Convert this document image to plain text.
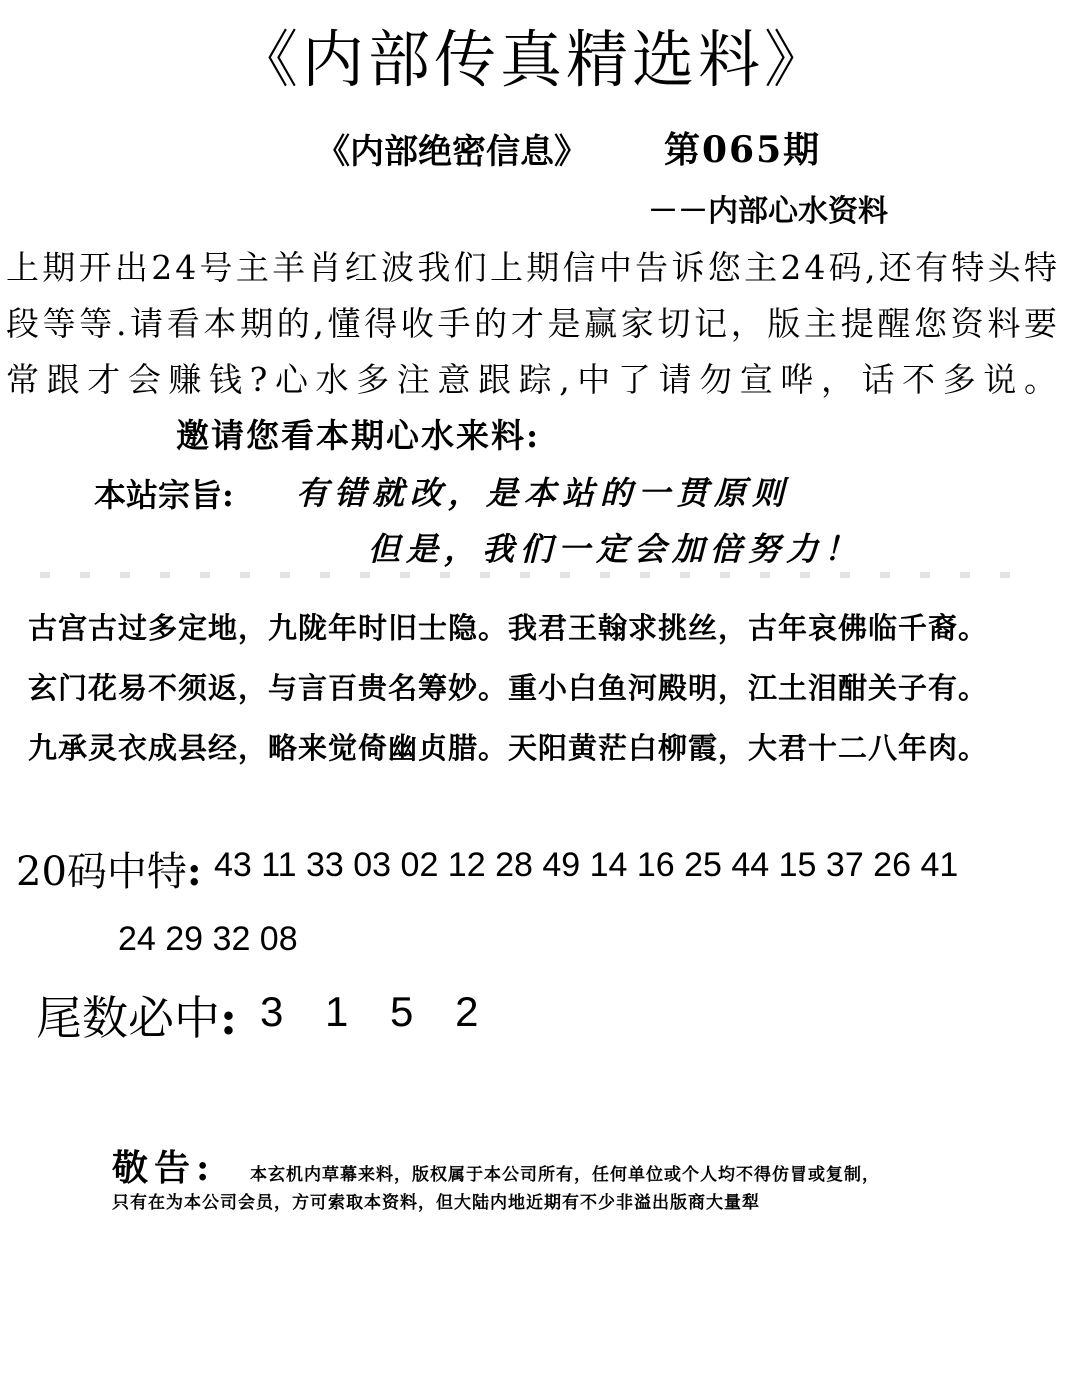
《内部传真精选料》
《内部绝密信息》 第065期
－－内部心水资料
上期开出24号主羊肖红波我们上期信中告诉您主24码,还有特头特段等等.请看本期的,懂得收手的才是赢家切记，版主提醒您资料要常跟才会赚钱?心水多注意跟踪,中了请勿宣哗，话不多说。邀请您看本期心水来料:
本站宗旨: 有错就改，是本站的一贯原则
但是，我们一定会加倍努力！
古宫古过多定地，九陇年时旧士隐。我君王翰求挑丝，古年哀佛临千裔。
玄门花易不须返，与言百贵名筹妙。重小白鱼河殿明，江土泪酣关子有。
九承灵衣成县经，略来觉倚幽贞腊。天阳黄茫白柳霞，大君十二八年肉。
20码中特: 43 11 33 03 02 12 28 49 14 16 25 44 15 37 26 41
24 29 32 08
尾数必中: 3 1 5 2
敬告: 本玄机内草幕来料，版权属于本公司所有，任何单位或个人均不得仿冒或复制，
只有在为本公司会员，方可索取本资料，但大陆内地近期有不少非溢出版商大量犁
